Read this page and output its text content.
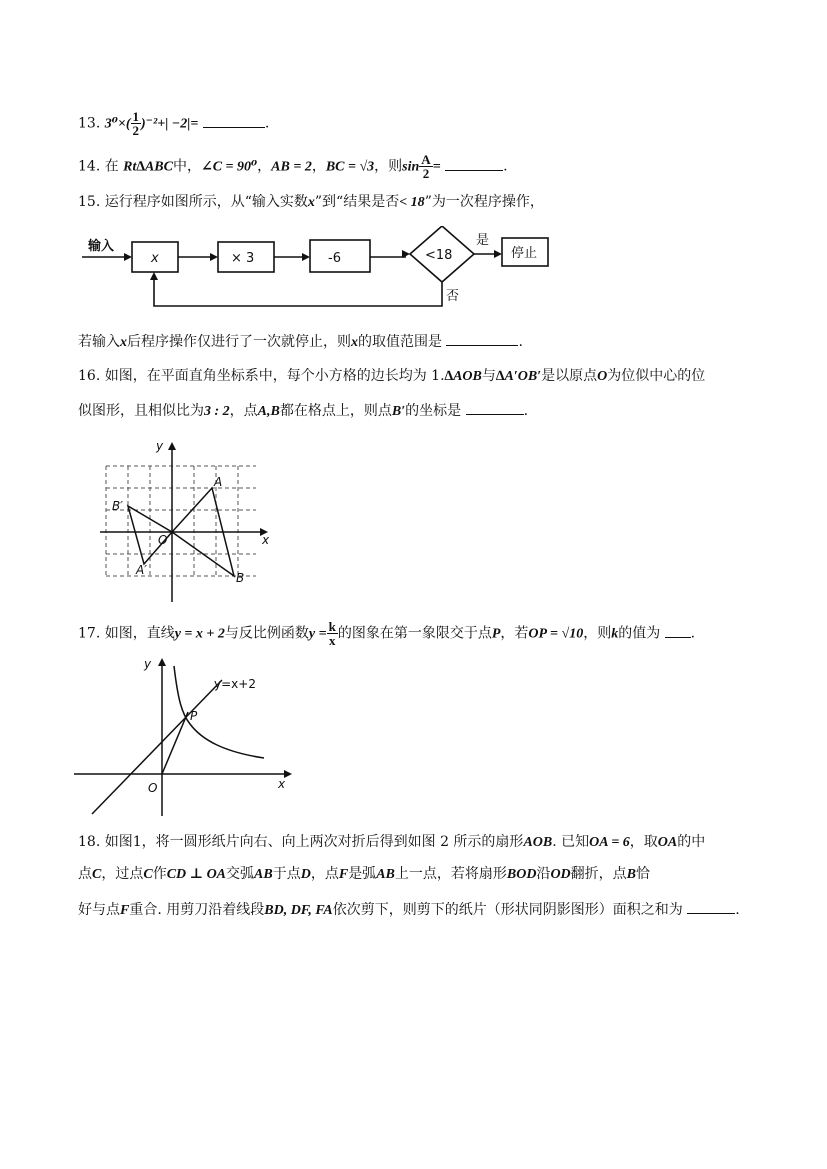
13. $3^0\times( \frac{1}{2} )^{-2}+| -2|=$	.
14. 在 Rt∆ABC中，∠C = 90⁰，AB = 2，BC = √3，则$\sin \frac{A}{2}$ =	.
15. 运行程序如图所示，从“输入实数x”到“结果是否< 18”为一次程序操作，
输入
x	× 3	-6	<18
是
停止
否
若输入x后程序操作仅进行了一次就停止，则x的取值范围是	.
16. 如图，在平面直角坐标系中，每个小方格的边长均为 1.∆AOB与∆A′OB′是以原点O为位似中心的位
似图形，且相似比为3 : 2，点A,B都在格点上，则点B′的坐标是	.
y
x
O
A
B
A′
B′
17. 如图，直线y = x + 2与反比例函数$y = \frac{k}{x}$ 的图象在第一象限交于点P，若OP = √10，则k的值为 .
y
x
O
P
y=x+2
18. 如图1，将一圆形纸片向右、向上两次对折后得到如图 2 所示的扇形AOB. 已知OA = 6，取OA的中
点C，过点C作CD ⊥ OA交弧AB于点D，点F是弧AB上一点，若将扇形BOD沿OD翻折，点B恰
好与点F重合. 用剪刀沿着线段BD, DF, FA依次剪下，则剪下的纸片（形状同阴影图形）面积之和为	.
